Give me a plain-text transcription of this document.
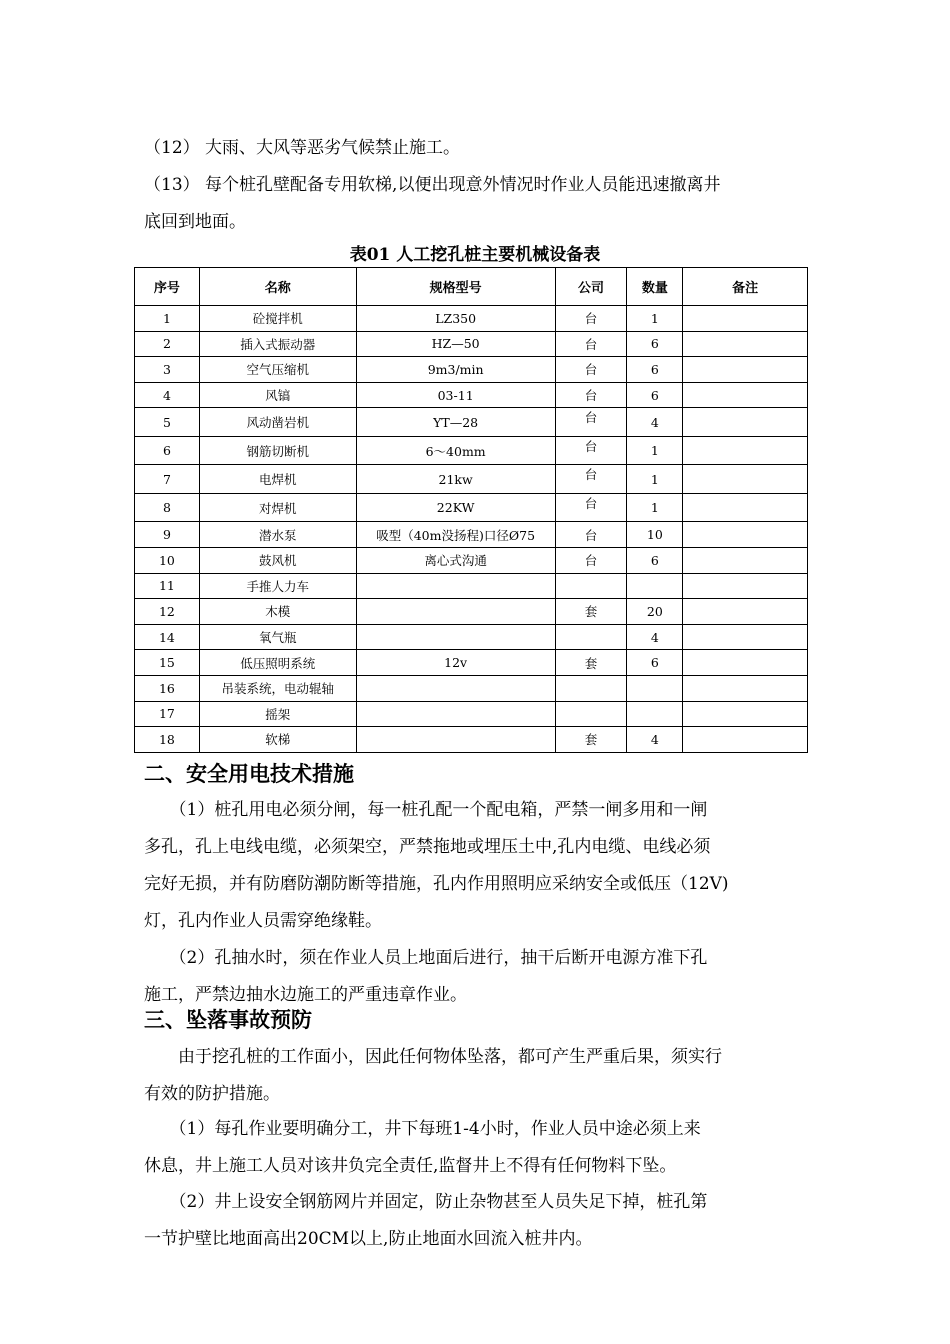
（12） 大雨、大风等恶劣气候禁止施工。
（13） 每个桩孔壁配备专用软梯,以便出现意外情况时作业人员能迅速撤离井
底回到地面。
表01 人工挖孔桩主要机械设备表
序号	名称	规格型号	公司	数量	备注
1	砼搅拌机	LZ350	台	1	
2	插入式振动器	HZ—50	台	6	
3	空气压缩机	9m3/min	台	6	
4	风镐	03-11	台	6	
5	风动凿岩机	YT—28	台	4	
6	钢筋切断机	6～40mm	台	1	
7	电焊机	21kw	台	1	
8	对焊机	22KW	台	1	
9	潜水泵	吸型（40m没扬程)口径Ø75	台	10	
10	鼓风机	离心式沟通	台	6	
11	手推人力车				
12	木模		套	20	
14	氧气瓶			4	
15	低压照明系统	12v	套	6	
16	吊装系统，电动辊轴				
17	摇架				
18	软梯		套	4	
二、安全用电技术措施
　　（1）桩孔用电必须分闸，每一桩孔配一个配电箱，严禁一闸多用和一闸
多孔，孔上电线电缆，必须架空，严禁拖地或埋压土中,孔内电缆、电线必须
完好无损，并有防磨防潮防断等措施，孔内作用照明应采纳安全或低压（12V)
灯，孔内作业人员需穿绝缘鞋。
　　（2）孔抽水时，须在作业人员上地面后进行，抽干后断开电源方准下孔
施工，严禁边抽水边施工的严重违章作业。
三、坠落事故预防
　　由于挖孔桩的工作面小，因此任何物体坠落，都可产生严重后果，须实行
有效的防护措施。
　　（1）每孔作业要明确分工，井下每班1-4小时，作业人员中途必须上来
休息，井上施工人员对该井负完全责任,监督井上不得有任何物料下坠。
　　（2）井上设安全钢筋网片并固定，防止杂物甚至人员失足下掉，桩孔第
一节护壁比地面高出20CM以上,防止地面水回流入桩井内。
